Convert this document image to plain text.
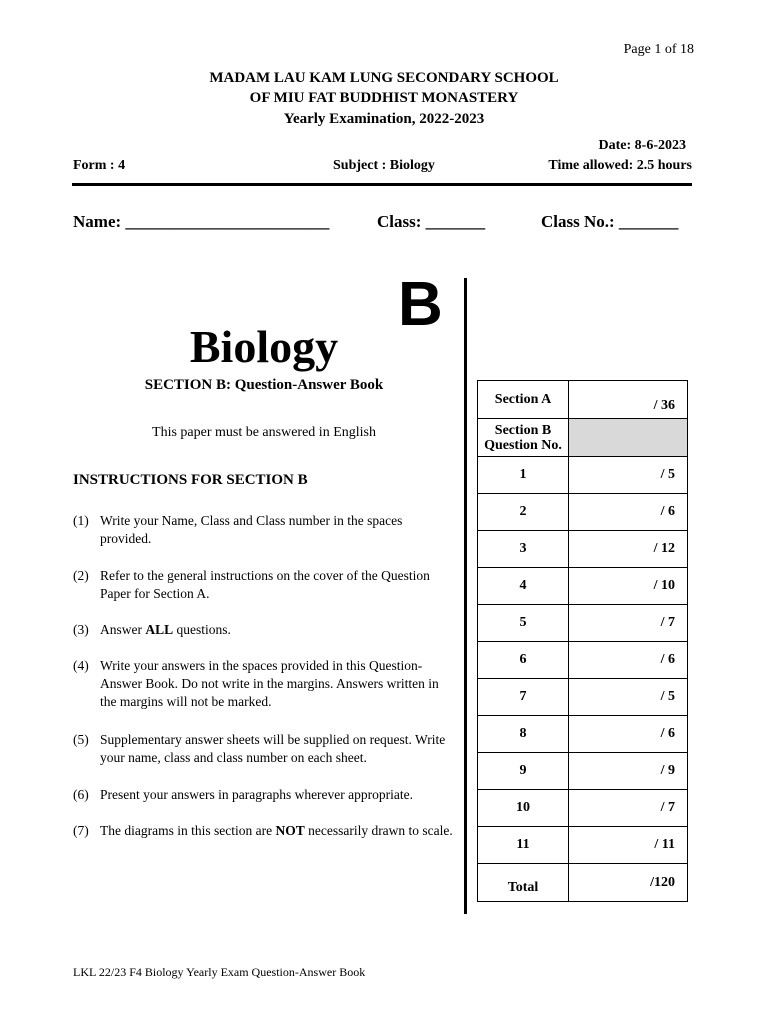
Page 1 of 18
MADAM LAU KAM LUNG SECONDARY SCHOOL
OF MIU FAT BUDDHIST MONASTERY
Yearly Examination, 2022-2023
Date: 8-6-2023
Form : 4	Subject : Biology	Time allowed: 2.5 hours
Name: ________________________	Class: _______	Class No.: _______
B
Biology
SECTION B: Question-Answer Book
This paper must be answered in English
INSTRUCTIONS FOR SECTION B
(1) Write your Name, Class and Class number in the spaces provided.
(2) Refer to the general instructions on the cover of the Question Paper for Section A.
(3) Answer ALL questions.
(4) Write your answers in the spaces provided in this Question-Answer Book. Do not write in the margins. Answers written in the margins will not be marked.
(5) Supplementary answer sheets will be supplied on request. Write your name, class and class number on each sheet.
(6) Present your answers in paragraphs wherever appropriate.
(7) The diagrams in this section are NOT necessarily drawn to scale.
Section A	/ 36
Section B
Question No.	
1	/ 5
2	/ 6
3	/ 12
4	/ 10
5	/ 7
6	/ 6
7	/ 5
8	/ 6
9	/ 9
10	/ 7
11	/ 11
Total	/120
LKL 22/23 F4 Biology Yearly Exam Question-Answer Book
